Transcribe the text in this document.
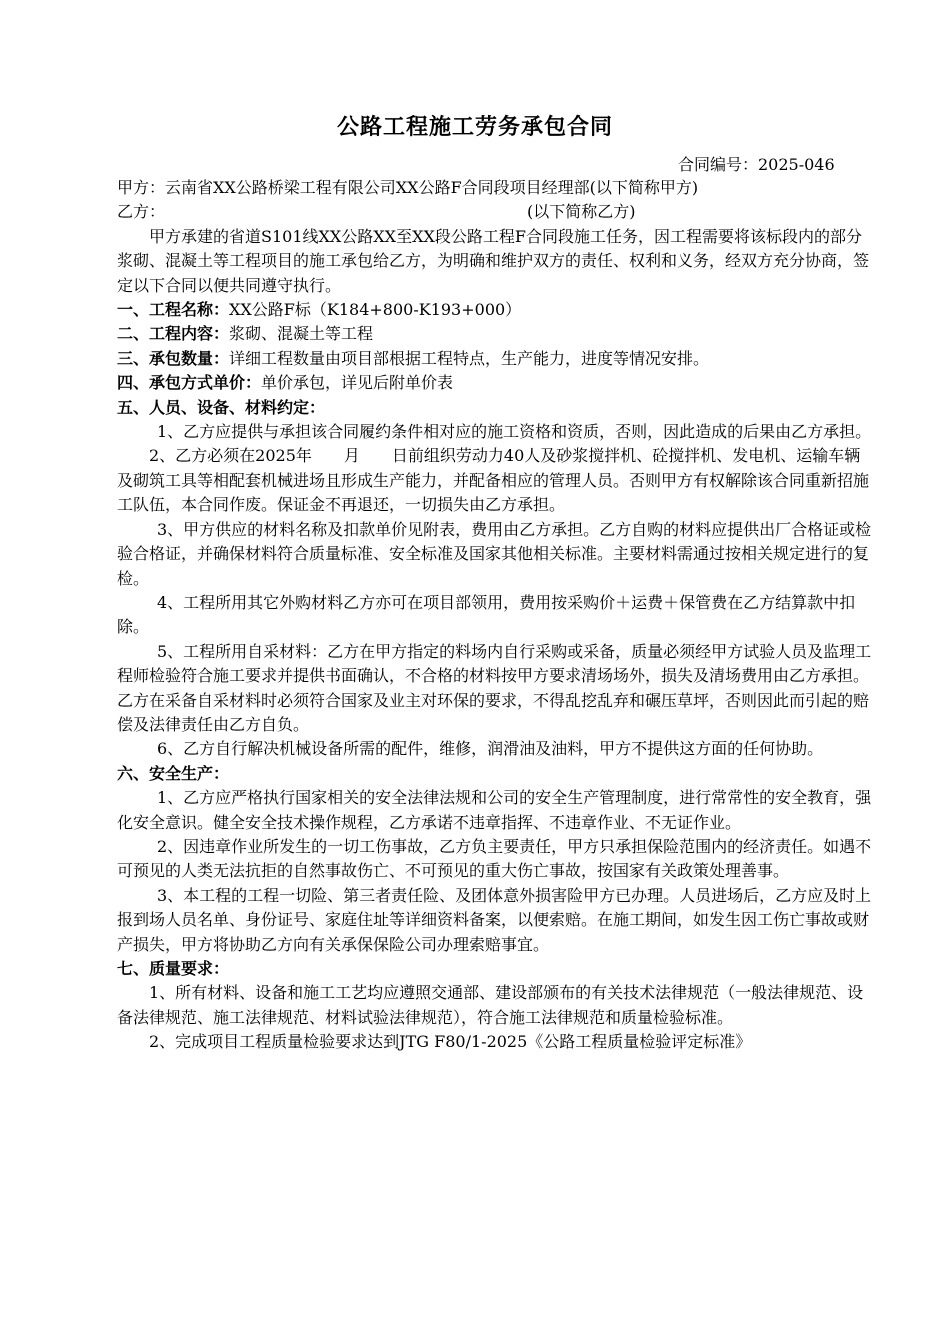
公路工程施工劳务承包合同
合同编号：2025-046

甲方：云南省XX公路桥梁工程有限公司XX公路F合同段项目经理部(以下简称甲方)

乙方：	(以下简称乙方)

甲方承建的省道S101线XX公路XX至XX段公路工程F合同段施工任务，因工程需要将该标段内的部分浆砌、混凝土等工程项目的施工承包给乙方，为明确和维护双方的责任、权利和义务，经双方充分协商，签定以下合同以便共同遵守执行。

一、工程名称：XX公路F标（K184+800-K193+000）

二、工程内容：浆砌、混凝土等工程

三、承包数量：详细工程数量由项目部根据工程特点，生产能力，进度等情况安排。

四、承包方式单价：单价承包，详见后附单价表

五、人员、设备、材料约定：

1、乙方应提供与承担该合同履约条件相对应的施工资格和资质，否则，因此造成的后果由乙方承担。

2、乙方必须在2025年　　月　　日前组织劳动力40人及砂浆搅拌机、砼搅拌机、发电机、运输车辆及砌筑工具等相配套机械进场且形成生产能力，并配备相应的管理人员。否则甲方有权解除该合同重新招施工队伍，本合同作废。保证金不再退还，一切损失由乙方承担。

3、甲方供应的材料名称及扣款单价见附表，费用由乙方承担。乙方自购的材料应提供出厂合格证或检验合格证，并确保材料符合质量标准、安全标准及国家其他相关标准。主要材料需通过按相关规定进行的复检。

4、工程所用其它外购材料乙方亦可在项目部领用，费用按采购价＋运费＋保管费在乙方结算款中扣除。

5、工程所用自采材料：乙方在甲方指定的料场内自行采购或采备，质量必须经甲方试验人员及监理工程师检验符合施工要求并提供书面确认，不合格的材料按甲方要求清场场外，损失及清场费用由乙方承担。乙方在采备自采材料时必须符合国家及业主对环保的要求，不得乱挖乱弃和碾压草坪，否则因此而引起的赔偿及法律责任由乙方自负。

6、乙方自行解决机械设备所需的配件，维修，润滑油及油料，甲方不提供这方面的任何协助。

六、安全生产：

1、乙方应严格执行国家相关的安全法律法规和公司的安全生产管理制度，进行常常性的安全教育，强化安全意识。健全安全技术操作规程，乙方承诺不违章指挥、不违章作业、不无证作业。

2、因违章作业所发生的一切工伤事故，乙方负主要责任，甲方只承担保险范围内的经济责任。如遇不可预见的人类无法抗拒的自然事故伤亡、不可预见的重大伤亡事故，按国家有关政策处理善事。

3、本工程的工程一切险、第三者责任险、及团体意外损害险甲方已办理。人员进场后，乙方应及时上报到场人员名单、身份证号、家庭住址等详细资料备案，以便索赔。在施工期间，如发生因工伤亡事故或财产损失，甲方将协助乙方向有关承保保险公司办理索赔事宜。

七、质量要求：

1、所有材料、设备和施工工艺均应遵照交通部、建设部颁布的有关技术法律规范（一般法律规范、设备法律规范、施工法律规范、材料试验法律规范），符合施工法律规范和质量检验标准。

2、完成项目工程质量检验要求达到JTG F80/1-2025《公路工程质量检验评定标准》
